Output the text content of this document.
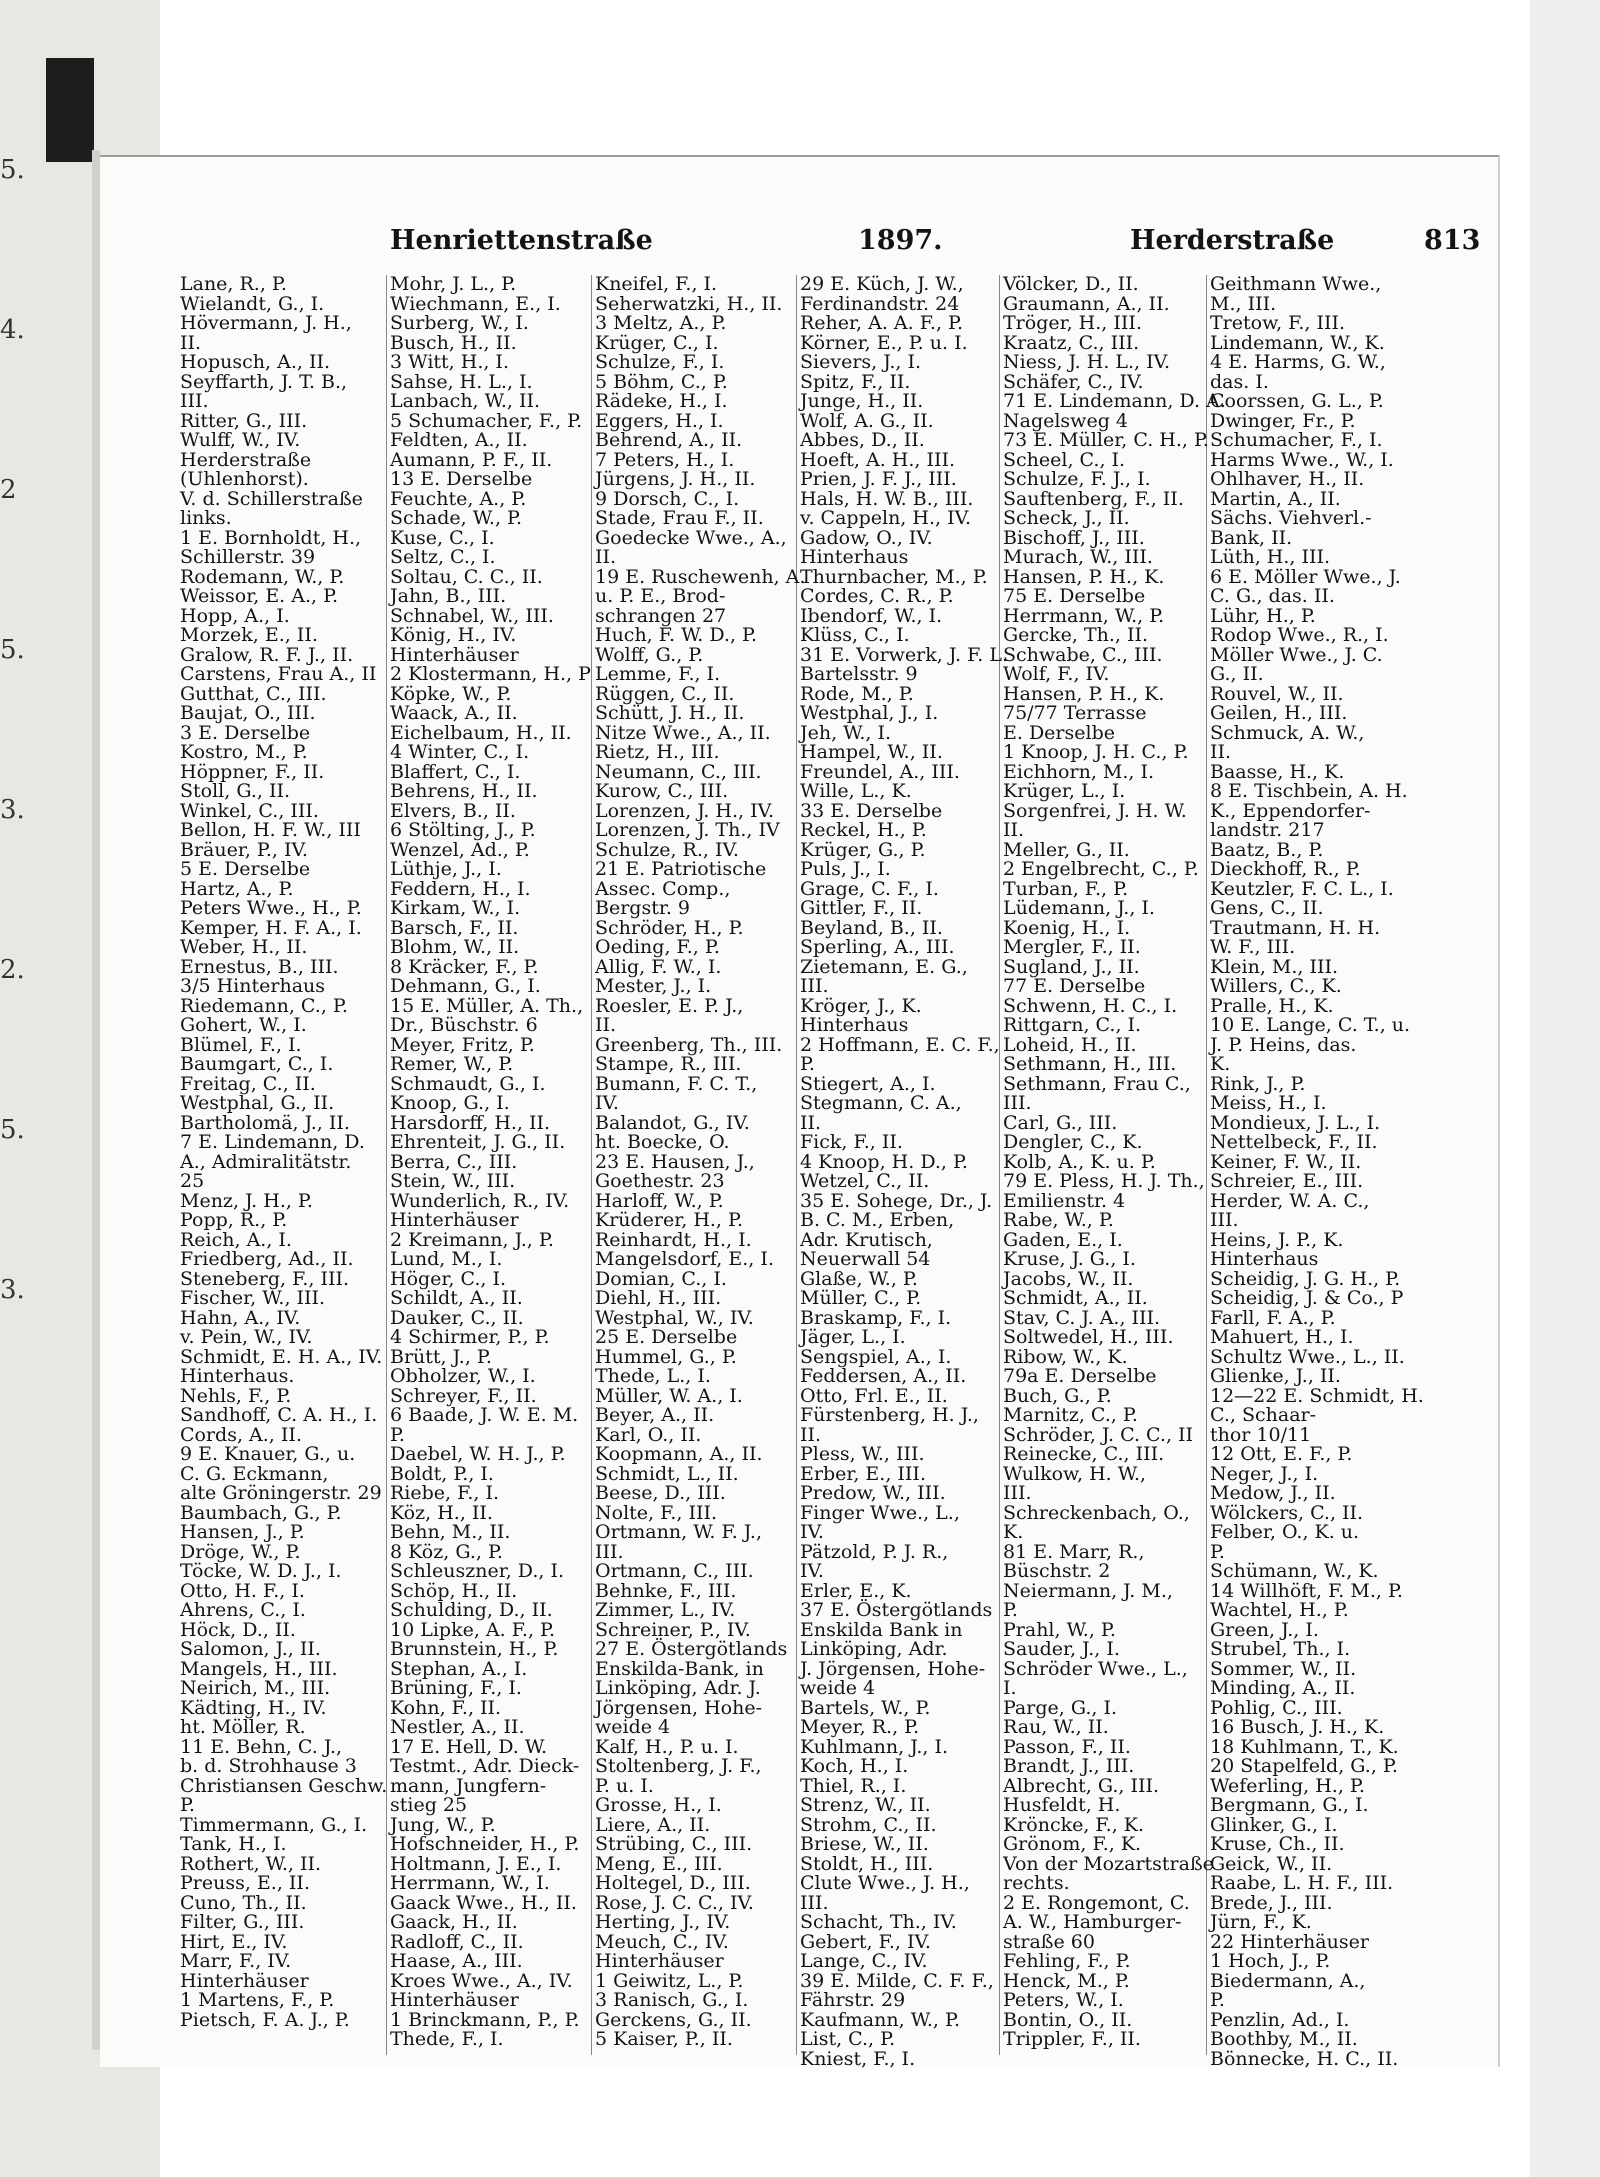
5.
4.
2
5.
3.
2.
5.
3.
Henriettenstraße	1897.	Herderstraße	813
Lane, R., P.
Wielandt, G., I.
Hövermann, J. H.,
II.
Hopusch, A., II.
Seyffarth, J. T. B.,
III.
Ritter, G., III.
Wulff, W., IV.
Herderstraße
(Uhlenhorst).
V. d. Schillerstraße
links.
1 E. Bornholdt, H.,
Schillerstr. 39
Rodemann, W., P.
Weissor, E. A., P.
Hopp, A., I.
Morzek, E., II.
Gralow, R. F. J., II.
Carstens, Frau A., II
Gutthat, C., III.
Baujat, O., III.
3 E. Derselbe
Kostro, M., P.
Höppner, F., II.
Stoll, G., II.
Winkel, C., III.
Bellon, H. F. W., III
Bräuer, P., IV.
5 E. Derselbe
Hartz, A., P.
Peters Wwe., H., P.
Kemper, H. F. A., I.
Weber, H., II.
Ernestus, B., III.
3/5 Hinterhaus
Riedemann, C., P.
Gohert, W., I.
Blümel, F., I.
Baumgart, C., I.
Freitag, C., II.
Westphal, G., II.
Bartholomä, J., II.
7 E. Lindemann, D.
A., Admiralitätstr.
25
Menz, J. H., P.
Popp, R., P.
Reich, A., I.
Friedberg, Ad., II.
Steneberg, F., III.
Fischer, W., III.
Hahn, A., IV.
v. Pein, W., IV.
Schmidt, E. H. A., IV.
Hinterhaus.
Nehls, F., P.
Sandhoff, C. A. H., I.
Cords, A., II.
9 E. Knauer, G., u.
C. G. Eckmann,
alte Gröningerstr. 29
Baumbach, G., P.
Hansen, J., P.
Dröge, W., P.
Töcke, W. D. J., I.
Otto, H. F., I.
Ahrens, C., I.
Höck, D., II.
Salomon, J., II.
Mangels, H., III.
Neirich, M., III.
Kädting, H., IV.
ht. Möller, R.
11 E. Behn, C. J.,
b. d. Strohhause 3
Christiansen Geschw.
P.
Timmermann, G., I.
Tank, H., I.
Rothert, W., II.
Preuss, E., II.
Cuno, Th., II.
Filter, G., III.
Hirt, E., IV.
Marr, F., IV.
Hinterhäuser
1 Martens, F., P.
Pietsch, F. A. J., P.
Mohr, J. L., P.
Wiechmann, E., I.
Surberg, W., I.
Busch, H., II.
3 Witt, H., I.
Sahse, H. L., I.
Lanbach, W., II.
5 Schumacher, F., P.
Feldten, A., II.
Aumann, P. F., II.
13 E. Derselbe
Feuchte, A., P.
Schade, W., P.
Kuse, C., I.
Seltz, C., I.
Soltau, C. C., II.
Jahn, B., III.
Schnabel, W., III.
König, H., IV.
Hinterhäuser
2 Klostermann, H., P
Köpke, W., P.
Waack, A., II.
Eichelbaum, H., II.
4 Winter, C., I.
Blaffert, C., I.
Behrens, H., II.
Elvers, B., II.
6 Stölting, J., P.
Wenzel, Ad., P.
Lüthje, J., I.
Feddern, H., I.
Kirkam, W., I.
Barsch, F., II.
Blohm, W., II.
8 Kräcker, F., P.
Dehmann, G., I.
15 E. Müller, A. Th.,
Dr., Büschstr. 6
Meyer, Fritz, P.
Remer, W., P.
Schmaudt, G., I.
Knoop, G., I.
Harsdorff, H., II.
Ehrenteit, J. G., II.
Berra, C., III.
Stein, W., III.
Wunderlich, R., IV.
Hinterhäuser
2 Kreimann, J., P.
Lund, M., I.
Höger, C., I.
Schildt, A., II.
Dauker, C., II.
4 Schirmer, P., P.
Brütt, J., P.
Obholzer, W., I.
Schreyer, F., II.
6 Baade, J. W. E. M.
P.
Daebel, W. H. J., P.
Boldt, P., I.
Riebe, F., I.
Köz, H., II.
Behn, M., II.
8 Köz, G., P.
Schleuszner, D., I.
Schöp, H., II.
Schulding, D., II.
10 Lipke, A. F., P.
Brunnstein, H., P.
Stephan, A., I.
Brüning, F., I.
Kohn, F., II.
Nestler, A., II.
17 E. Hell, D. W.
Testmt., Adr. Dieck-
mann, Jungfern-
stieg 25
Jung, W., P.
Hofschneider, H., P.
Holtmann, J. E., I.
Herrmann, W., I.
Gaack Wwe., H., II.
Gaack, H., II.
Radloff, C., II.
Haase, A., III.
Kroes Wwe., A., IV.
Hinterhäuser
1 Brinckmann, P., P.
Thede, F., I.
Kneifel, F., I.
Seherwatzki, H., II.
3 Meltz, A., P.
Krüger, C., I.
Schulze, F., I.
5 Böhm, C., P.
Rädeke, H., I.
Eggers, H., I.
Behrend, A., II.
7 Peters, H., I.
Jürgens, J. H., II.
9 Dorsch, C., I.
Stade, Frau F., II.
Goedecke Wwe., A.,
II.
19 E. Ruschewenh, A.
u. P. E., Brod-
schrangen 27
Huch, F. W. D., P.
Wolff, G., P.
Lemme, F., I.
Rüggen, C., II.
Schütt, J. H., II.
Nitze Wwe., A., II.
Rietz, H., III.
Neumann, C., III.
Kurow, C., III.
Lorenzen, J. H., IV.
Lorenzen, J. Th., IV
Schulze, R., IV.
21 E. Patriotische
Assec. Comp.,
Bergstr. 9
Schröder, H., P.
Oeding, F., P.
Allig, F. W., I.
Mester, J., I.
Roesler, E. P. J.,
II.
Greenberg, Th., III.
Stampe, R., III.
Bumann, F. C. T.,
IV.
Balandot, G., IV.
ht. Boecke, O.
23 E. Hausen, J.,
Goethestr. 23
Harloff, W., P.
Krüderer, H., P.
Reinhardt, H., I.
Mangelsdorf, E., I.
Domian, C., I.
Diehl, H., III.
Westphal, W., IV.
25 E. Derselbe
Hummel, G., P.
Thede, L., I.
Müller, W. A., I.
Beyer, A., II.
Karl, O., II.
Koopmann, A., II.
Schmidt, L., II.
Beese, D., III.
Nolte, F., III.
Ortmann, W. F. J.,
III.
Ortmann, C., III.
Behnke, F., III.
Zimmer, L., IV.
Schreiner, P., IV.
27 E. Östergötlands
Enskilda-Bank, in
Linköping, Adr. J.
Jörgensen, Hohe-
weide 4
Kalf, H., P. u. I.
Stoltenberg, J. F.,
P. u. I.
Grosse, H., I.
Liere, A., II.
Strübing, C., III.
Meng, E., III.
Holtegel, D., III.
Rose, J. C. C., IV.
Herting, J., IV.
Meuch, C., IV.
Hinterhäuser
1 Geiwitz, L., P.
3 Ranisch, G., I.
Gerckens, G., II.
5 Kaiser, P., II.
29 E. Küch, J. W.,
Ferdinandstr. 24
Reher, A. A. F., P.
Körner, E., P. u. I.
Sievers, J., I.
Spitz, F., II.
Junge, H., II.
Wolf, A. G., II.
Abbes, D., II.
Hoeft, A. H., III.
Prien, J. F. J., III.
Hals, H. W. B., III.
v. Cappeln, H., IV.
Gadow, O., IV.
Hinterhaus
Thurnbacher, M., P.
Cordes, C. R., P.
Ibendorf, W., I.
Klüss, C., I.
31 E. Vorwerk, J. F. L.
Bartelsstr. 9
Rode, M., P.
Westphal, J., I.
Jeh, W., I.
Hampel, W., II.
Freundel, A., III.
Wille, L., K.
33 E. Derselbe
Reckel, H., P.
Krüger, G., P.
Puls, J., I.
Grage, C. F., I.
Gittler, F., II.
Beyland, B., II.
Sperling, A., III.
Zietemann, E. G.,
III.
Kröger, J., K.
Hinterhaus
2 Hoffmann, E. C. F.,
P.
Stiegert, A., I.
Stegmann, C. A.,
II.
Fick, F., II.
4 Knoop, H. D., P.
Wetzel, C., II.
35 E. Sohege, Dr., J.
B. C. M., Erben,
Adr. Krutisch,
Neuerwall 54
Glaße, W., P.
Müller, C., P.
Braskamp, F., I.
Jäger, L., I.
Sengspiel, A., I.
Feddersen, A., II.
Otto, Frl. E., II.
Fürstenberg, H. J.,
II.
Pless, W., III.
Erber, E., III.
Predow, W., III.
Finger Wwe., L.,
IV.
Pätzold, P. J. R.,
IV.
Erler, E., K.
37 E. Östergötlands
Enskilda Bank in
Linköping, Adr.
J. Jörgensen, Hohe-
weide 4
Bartels, W., P.
Meyer, R., P.
Kuhlmann, J., I.
Koch, H., I.
Thiel, R., I.
Strenz, W., II.
Strohm, C., II.
Briese, W., II.
Stoldt, H., III.
Clute Wwe., J. H.,
III.
Schacht, Th., IV.
Gebert, F., IV.
Lange, C., IV.
39 E. Milde, C. F. F.,
Fährstr. 29
Kaufmann, W., P.
List, C., P.
Kniest, F., I.
Völcker, D., II.
Graumann, A., II.
Tröger, H., III.
Kraatz, C., III.
Niess, J. H. L., IV.
Schäfer, C., IV.
71 E. Lindemann, D. A.
Nagelsweg 4
73 E. Müller, C. H., P.
Scheel, C., I.
Schulze, F. J., I.
Sauftenberg, F., II.
Scheck, J., II.
Bischoff, J., III.
Murach, W., III.
Hansen, P. H., K.
75 E. Derselbe
Herrmann, W., P.
Gercke, Th., II.
Schwabe, C., III.
Wolf, F., IV.
Hansen, P. H., K.
75/77 Terrasse
E. Derselbe
1 Knoop, J. H. C., P.
Eichhorn, M., I.
Krüger, L., I.
Sorgenfrei, J. H. W.
II.
Meller, G., II.
2 Engelbrecht, C., P.
Turban, F., P.
Lüdemann, J., I.
Koenig, H., I.
Mergler, F., II.
Sugland, J., II.
77 E. Derselbe
Schwenn, H. C., I.
Rittgarn, C., I.
Loheid, H., II.
Sethmann, H., III.
Sethmann, Frau C.,
III.
Carl, G., III.
Dengler, C., K.
Kolb, A., K. u. P.
79 E. Pless, H. J. Th.,
Emilienstr. 4
Rabe, W., P.
Gaden, E., I.
Kruse, J. G., I.
Jacobs, W., II.
Schmidt, A., II.
Stav, C. J. A., III.
Soltwedel, H., III.
Ribow, W., K.
79a E. Derselbe
Buch, G., P.
Marnitz, C., P.
Schröder, J. C. C., II
Reinecke, C., III.
Wulkow, H. W.,
III.
Schreckenbach, O.,
K.
81 E. Marr, R.,
Büschstr. 2
Neiermann, J. M.,
P.
Prahl, W., P.
Sauder, J., I.
Schröder Wwe., L.,
I.
Parge, G., I.
Rau, W., II.
Passon, F., II.
Brandt, J., III.
Albrecht, G., III.
Husfeldt, H.
Kröncke, F., K.
Grönom, F., K.
Von der Mozartstraße
rechts.
2 E. Rongemont, C.
A. W., Hamburger-
straße 60
Fehling, F., P.
Henck, M., P.
Peters, W., I.
Bontin, O., II.
Trippler, F., II.
Geithmann Wwe.,
M., III.
Tretow, F., III.
Lindemann, W., K.
4 E. Harms, G. W.,
das. I.
Coorssen, G. L., P.
Dwinger, Fr., P.
Schumacher, F., I.
Harms Wwe., W., I.
Ohlhaver, H., II.
Martin, A., II.
Sächs. Viehverl.-
Bank, II.
Lüth, H., III.
6 E. Möller Wwe., J.
C. G., das. II.
Lühr, H., P.
Rodop Wwe., R., I.
Möller Wwe., J. C.
G., II.
Rouvel, W., II.
Geilen, H., III.
Schmuck, A. W.,
II.
Baasse, H., K.
8 E. Tischbein, A. H.
K., Eppendorfer-
landstr. 217
Baatz, B., P.
Dieckhoff, R., P.
Keutzler, F. C. L., I.
Gens, C., II.
Trautmann, H. H.
W. F., III.
Klein, M., III.
Willers, C., K.
Pralle, H., K.
10 E. Lange, C. T., u.
J. P. Heins, das.
K.
Rink, J., P.
Meiss, H., I.
Mondieux, J. L., I.
Nettelbeck, F., II.
Keiner, F. W., II.
Schreier, E., III.
Herder, W. A. C.,
III.
Heins, J. P., K.
Hinterhaus
Scheidig, J. G. H., P.
Scheidig, J. & Co., P
Farll, F. A., P.
Mahuert, H., I.
Schultz Wwe., L., II.
Glienke, J., II.
12—22 E. Schmidt, H.
C., Schaar-
thor 10/11
12 Ott, E. F., P.
Neger, J., I.
Medow, J., II.
Wölckers, C., II.
Felber, O., K. u.
P.
Schümann, W., K.
14 Willhöft, F. M., P.
Wachtel, H., P.
Green, J., I.
Strubel, Th., I.
Sommer, W., II.
Minding, A., II.
Pohlig, C., III.
16 Busch, J. H., K.
18 Kuhlmann, T., K.
20 Stapelfeld, G., P.
Weferling, H., P.
Bergmann, G., I.
Glinker, G., I.
Kruse, Ch., II.
Geick, W., II.
Raabe, L. H. F., III.
Brede, J., III.
Jürn, F., K.
22 Hinterhäuser
1 Hoch, J., P.
Biedermann, A.,
P.
Penzlin, Ad., I.
Boothby, M., II.
Bönnecke, H. C., II.
